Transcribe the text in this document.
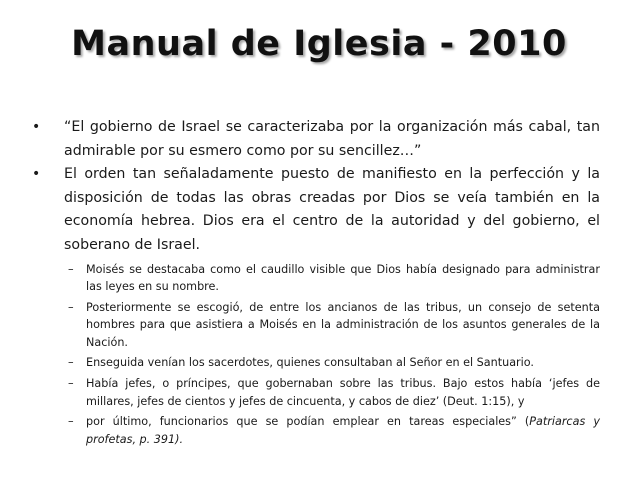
Manual de Iglesia - 2010
•	“El gobierno de Israel se caracterizaba por la organización más cabal, tan admirable por su esmero como por su sencillez…”
•	El orden tan señaladamente puesto de manifiesto en la perfección y la disposición de todas las obras creadas por Dios se veía también en la economía hebrea. Dios era el centro de la autoridad y del gobierno, el soberano de Israel.
–	Moisés se destacaba como el caudillo visible que Dios había designado para administrar las leyes en su nombre.
–	Posteriormente se escogió, de entre los ancianos de las tribus, un consejo de setenta hombres para que asistiera a Moisés en la administración de los asuntos generales de la Nación.
–	Enseguida venían los sacerdotes, quienes consultaban al Señor en el Santuario.
–	Había jefes, o príncipes, que gobernaban sobre las tribus. Bajo estos había ‘jefes de millares, jefes de cientos y jefes de cincuenta, y cabos de diez’ (Deut. 1:15), y
–	por último, funcionarios que se podían emplear en tareas especiales” (Patriarcas y profetas, p. 391).
